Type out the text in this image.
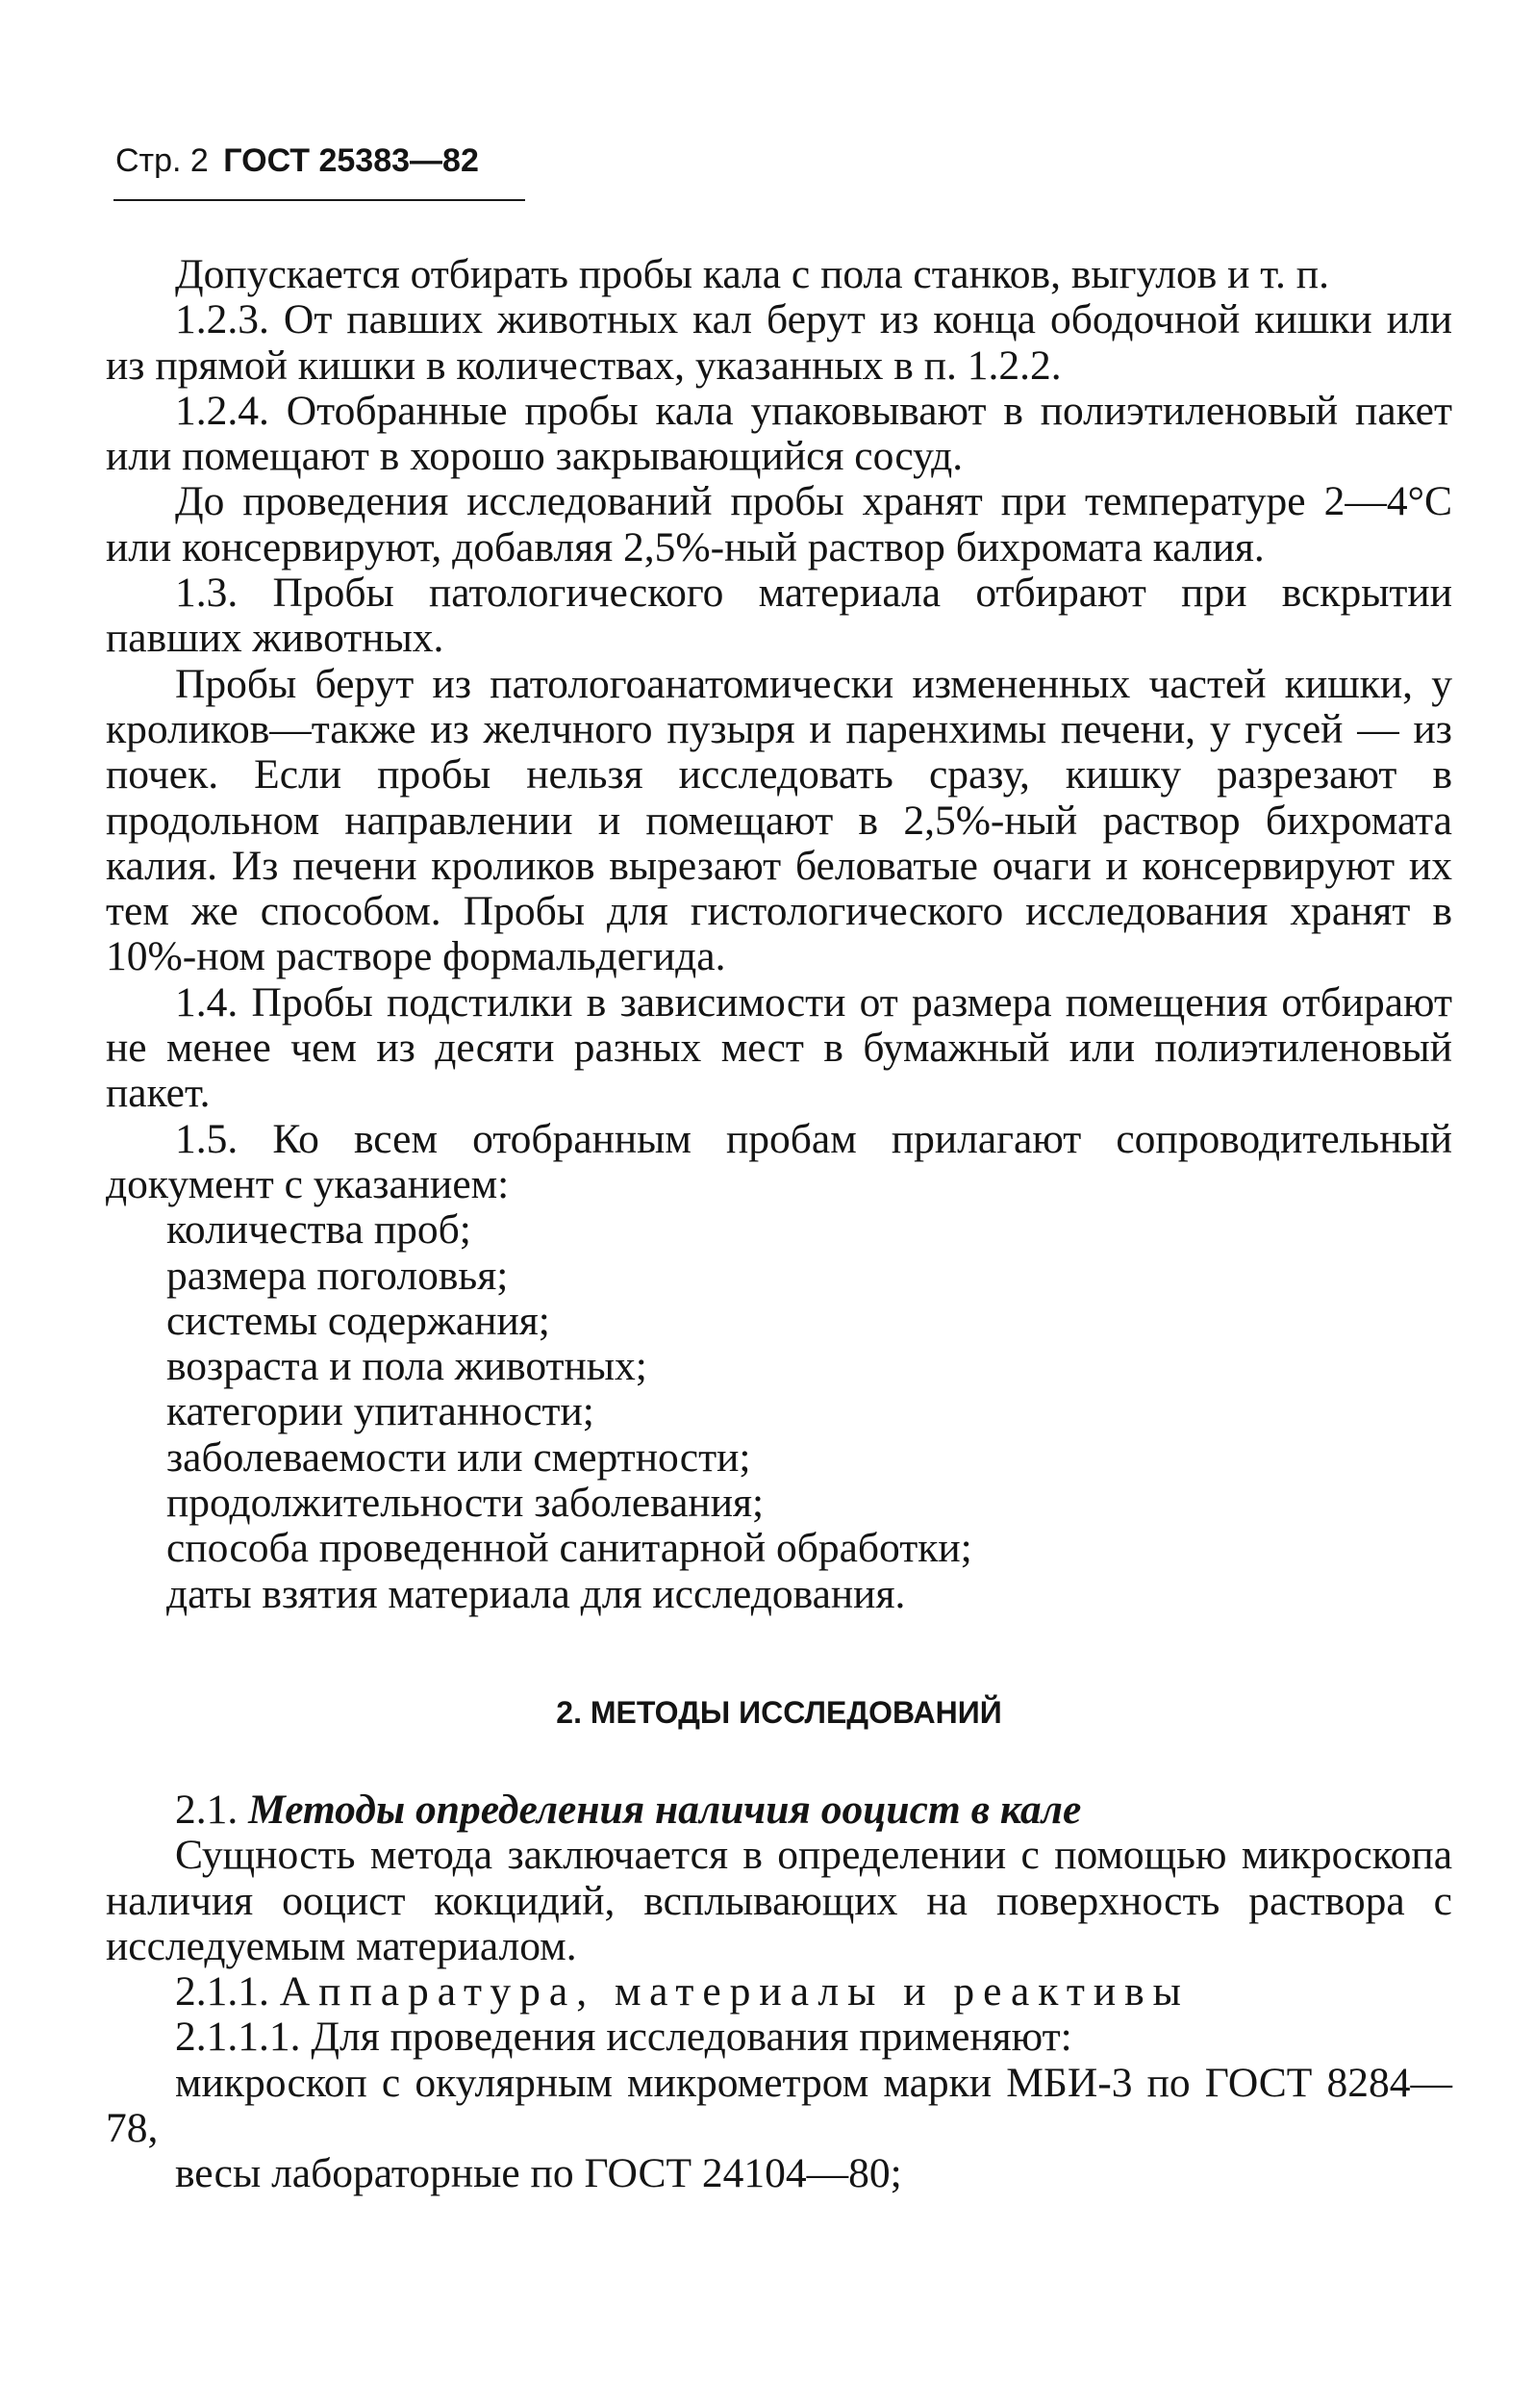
Стр. 2 ГОСТ 25383—82

Допускается отбирать пробы кала с пола станков, выгулов и т. п.

1.2.3. От павших животных кал берут из конца ободочной кишки или из прямой кишки в количествах, указанных в п. 1.2.2.

1.2.4. Отобранные пробы кала упаковывают в полиэтиленовый пакет или помещают в хорошо закрывающийся сосуд.

До проведения исследований пробы хранят при температуре 2—4°С или консервируют, добавляя 2,5%-ный раствор бихромата калия.

1.3. Пробы патологического материала отбирают при вскрытии павших животных.

Пробы берут из патологоанатомически измененных частей кишки, у кроликов—также из желчного пузыря и паренхимы печени, у гусей — из почек. Если пробы нельзя исследовать сразу, кишку разрезают в продольном направлении и помещают в 2,5%-ный раствор бихромата калия. Из печени кроликов вырезают беловатые очаги и консервируют их тем же способом. Пробы для гистологического исследования хранят в 10%-ном растворе формальдегида.

1.4. Пробы подстилки в зависимости от размера помещения отбирают не менее чем из десяти разных мест в бумажный или полиэтиленовый пакет.

1.5. Ко всем отобранным пробам прилагают сопроводительный документ с указанием:

количества проб;
размера поголовья;
системы содержания;
возраста и пола животных;
категории упитанности;
заболеваемости или смертности;
продолжительности заболевания;
способа проведенной санитарной обработки;
даты взятия материала для исследования.
2. МЕТОДЫ ИССЛЕДОВАНИЙ

2.1. Методы определения наличия ооцист в кале

Сущность метода заключается в определении с помощью микроскопа наличия ооцист кокцидий, всплывающих на поверхность раствора с исследуемым материалом.

2.1.1. Аппаратура, материалы и реактивы

2.1.1.1. Для проведения исследования применяют:

микроскоп с окулярным микрометром марки МБИ-3 по ГОСТ 8284—78,

весы лабораторные по ГОСТ 24104—80;
